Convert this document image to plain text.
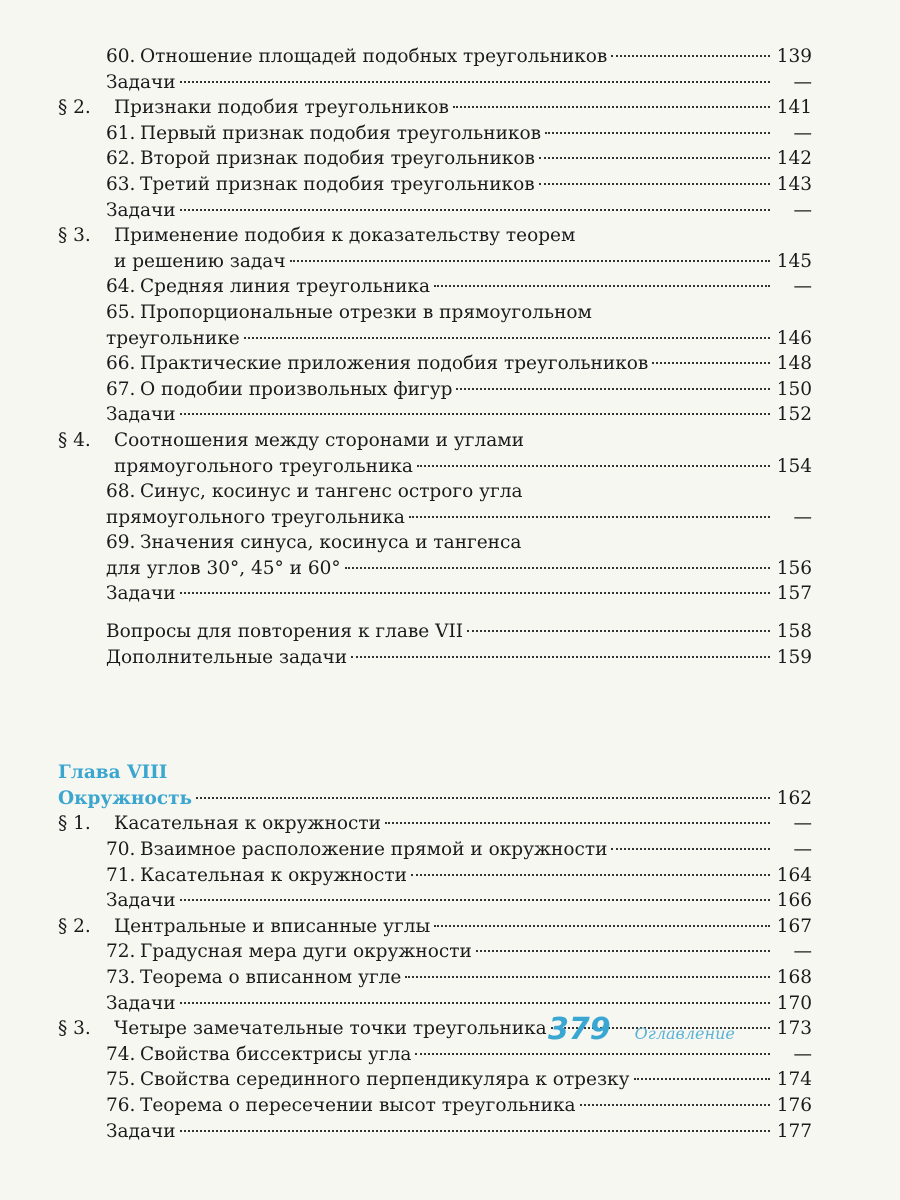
60. Отношение площадей подобных треугольников	139
Задачи	—
§ 2.	Признаки подобия треугольников	141
61. Первый признак подобия треугольников	—
62. Второй признак подобия треугольников	142
63. Третий признак подобия треугольников	143
Задачи	—
§ 3. Применение подобия к доказательству теорем
и решению задач	145
64. Средняя линия треугольника	—
65. Пропорциональные отрезки в прямоугольном
треугольнике	146
66. Практические приложения подобия треугольников	148
67. О подобии произвольных фигур	150
Задачи	152
§ 4. Соотношения между сторонами и углами
прямоугольного треугольника	154
68. Синус, косинус и тангенс острого угла
прямоугольного треугольника	—
69. Значения синуса, косинуса и тангенса
для углов 30°, 45° и 60°	156
Задачи	157
Вопросы для повторения к главе VII	158
Дополнительные задачи	159
Глава VIII
Окружность	162
§ 1.	Касательная к окружности	—
70. Взаимное расположение прямой и окружности	—
71. Касательная к окружности	164
Задачи	166
§ 2.	Центральные и вписанные углы	167
72. Градусная мера дуги окружности	—
73. Теорема о вписанном угле	168
Задачи	170
§ 3.	Четыре замечательные точки треугольника	173
74. Свойства биссектрисы угла	—
75. Свойства серединного перпендикуляра к отрезку	174
76. Теорема о пересечении высот треугольника	176
Задачи	177
379 Оглавление
